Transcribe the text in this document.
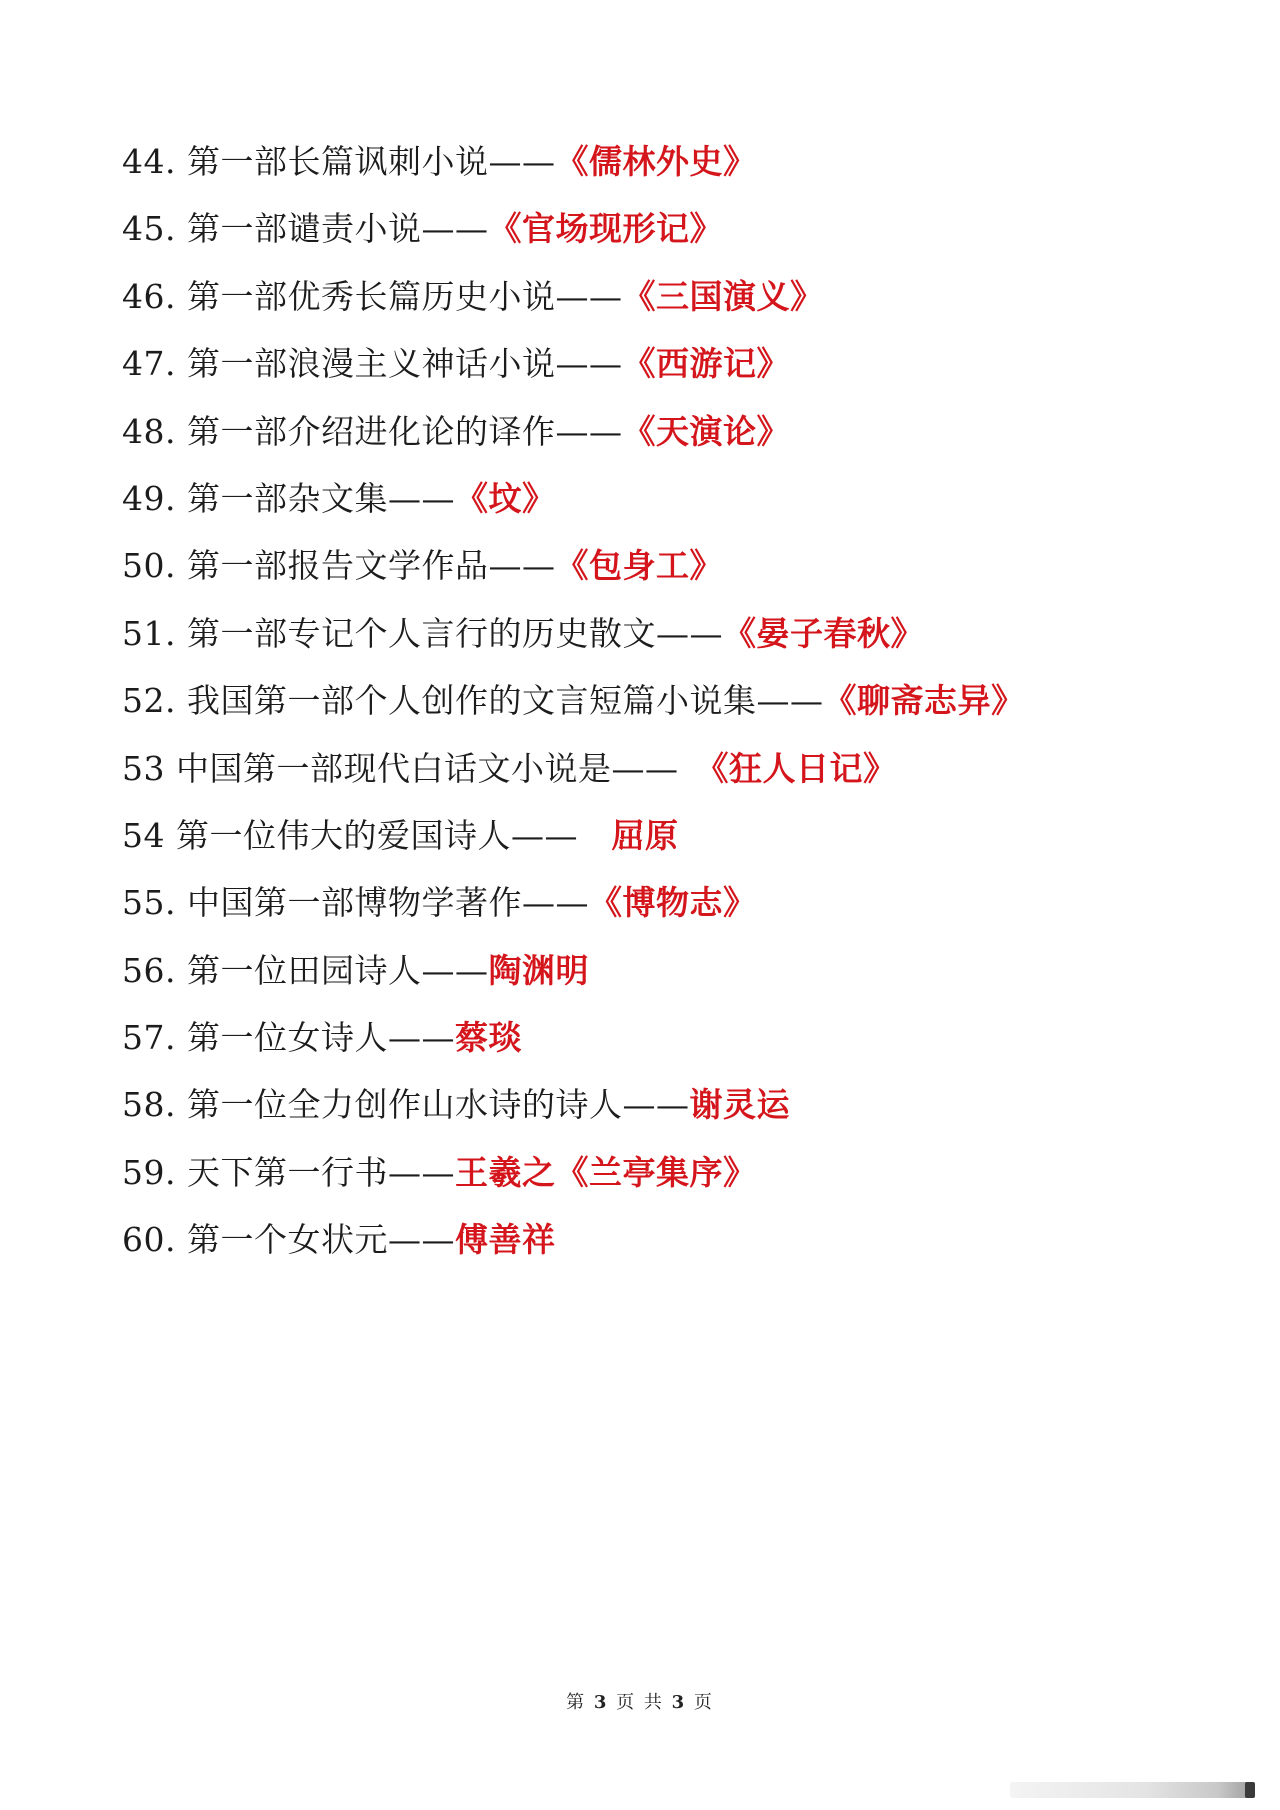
44. 第一部长篇讽刺小说——《儒林外史》
45. 第一部谴责小说——《官场现形记》
46. 第一部优秀长篇历史小说——《三国演义》
47. 第一部浪漫主义神话小说——《西游记》
48. 第一部介绍进化论的译作——《天演论》
49. 第一部杂文集——《坟》
50. 第一部报告文学作品——《包身工》
51. 第一部专记个人言行的历史散文——《晏子春秋》
52. 我国第一部个人创作的文言短篇小说集——《聊斋志异》
53 中国第一部现代白话文小说是——　《狂人日记》
54 第一位伟大的爱国诗人——　屈原
55. 中国第一部博物学著作——《博物志》
56. 第一位田园诗人——陶渊明
57. 第一位女诗人——蔡琰
58. 第一位全力创作山水诗的诗人——谢灵运
59. 天下第一行书——王羲之《兰亭集序》
60. 第一个女状元——傅善祥
第 3 页 共 3 页
